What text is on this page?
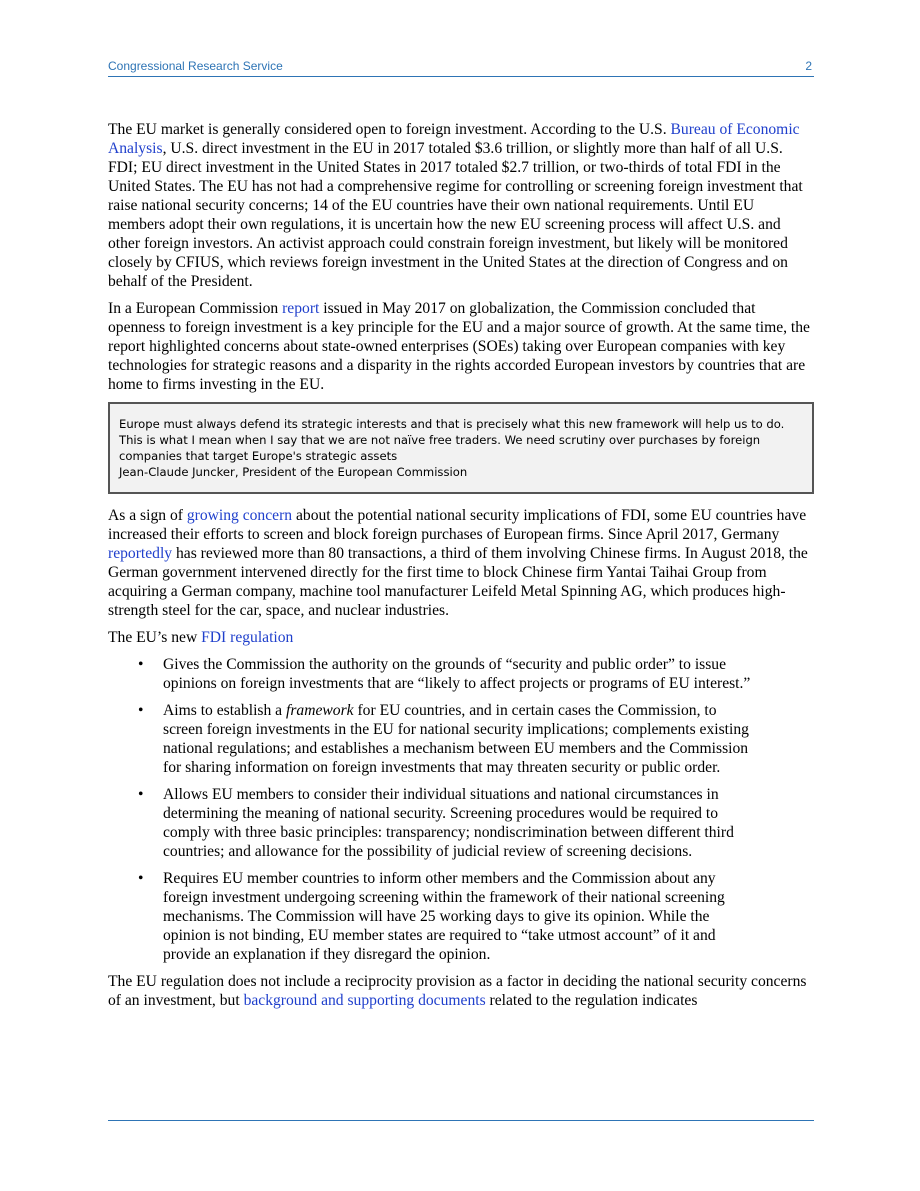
Congressional Research Service	2

The EU market is generally considered open to foreign investment. According to the U.S. Bureau of Economic Analysis, U.S. direct investment in the EU in 2017 totaled $3.6 trillion, or slightly more than half of all U.S. FDI; EU direct investment in the United States in 2017 totaled $2.7 trillion, or two-thirds of total FDI in the United States. The EU has not had a comprehensive regime for controlling or screening foreign investment that raise national security concerns; 14 of the EU countries have their own national requirements. Until EU members adopt their own regulations, it is uncertain how the new EU screening process will affect U.S. and other foreign investors. An activist approach could constrain foreign investment, but likely will be monitored closely by CFIUS, which reviews foreign investment in the United States at the direction of Congress and on behalf of the President.

In a European Commission report issued in May 2017 on globalization, the Commission concluded that openness to foreign investment is a key principle for the EU and a major source of growth. At the same time, the report highlighted concerns about state-owned enterprises (SOEs) taking over European companies with key technologies for strategic reasons and a disparity in the rights accorded European investors by countries that are home to firms investing in the EU.

Europe must always defend its strategic interests and that is precisely what this new framework will help us to do. This is what I mean when I say that we are not naïve free traders. We need scrutiny over purchases by foreign companies that target Europe's strategic assets
Jean-Claude Juncker, President of the European Commission

As a sign of growing concern about the potential national security implications of FDI, some EU countries have increased their efforts to screen and block foreign purchases of European firms. Since April 2017, Germany reportedly has reviewed more than 80 transactions, a third of them involving Chinese firms. In August 2018, the German government intervened directly for the first time to block Chinese firm Yantai Taihai Group from acquiring a German company, machine tool manufacturer Leifeld Metal Spinning AG, which produces high-strength steel for the car, space, and nuclear industries.

The EU’s new FDI regulation

• Gives the Commission the authority on the grounds of “security and public order” to issue opinions on foreign investments that are “likely to affect projects or programs of EU interest.”
• Aims to establish a framework for EU countries, and in certain cases the Commission, to screen foreign investments in the EU for national security implications; complements existing national regulations; and establishes a mechanism between EU members and the Commission for sharing information on foreign investments that may threaten security or public order.
• Allows EU members to consider their individual situations and national circumstances in determining the meaning of national security. Screening procedures would be required to comply with three basic principles: transparency; nondiscrimination between different third countries; and allowance for the possibility of judicial review of screening decisions.
• Requires EU member countries to inform other members and the Commission about any foreign investment undergoing screening within the framework of their national screening mechanisms. The Commission will have 25 working days to give its opinion. While the opinion is not binding, EU member states are required to “take utmost account” of it and provide an explanation if they disregard the opinion.

The EU regulation does not include a reciprocity provision as a factor in deciding the national security concerns of an investment, but background and supporting documents related to the regulation indicates
